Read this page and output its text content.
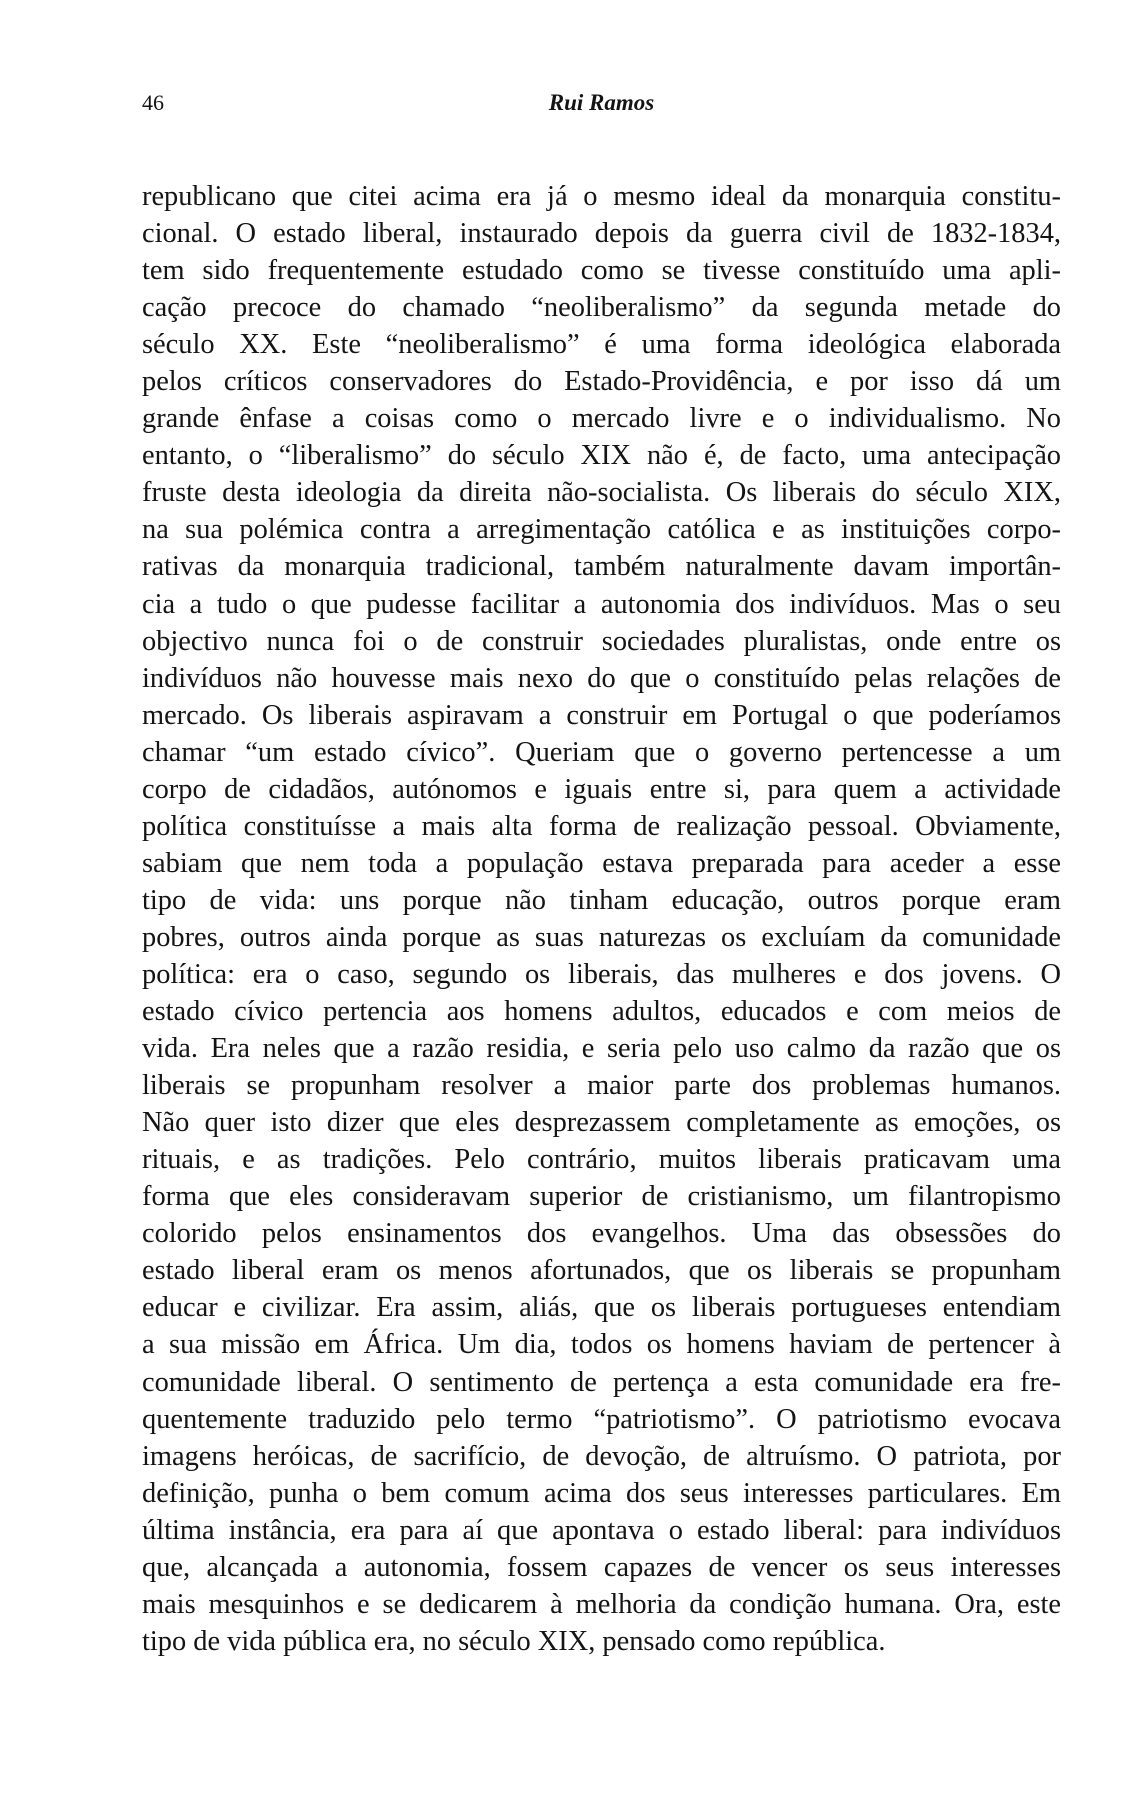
46	Rui Ramos
republicano que citei acima era já o mesmo ideal da monarquia constitu-
cional. O estado liberal, instaurado depois da guerra civil de 1832-1834,
tem sido frequentemente estudado como se tivesse constituído uma apli-
cação precoce do chamado “neoliberalismo” da segunda metade do
século XX. Este “neoliberalismo” é uma forma ideológica elaborada
pelos críticos conservadores do Estado-Providência, e por isso dá um
grande ênfase a coisas como o mercado livre e o individualismo. No
entanto, o “liberalismo” do século XIX não é, de facto, uma antecipação
fruste desta ideologia da direita não-socialista. Os liberais do século XIX,
na sua polémica contra a arregimentação católica e as instituições corpo-
rativas da monarquia tradicional, também naturalmente davam importân-
cia a tudo o que pudesse facilitar a autonomia dos indivíduos. Mas o seu
objectivo nunca foi o de construir sociedades pluralistas, onde entre os
indivíduos não houvesse mais nexo do que o constituído pelas relações de
mercado. Os liberais aspiravam a construir em Portugal o que poderíamos
chamar “um estado cívico”. Queriam que o governo pertencesse a um
corpo de cidadãos, autónomos e iguais entre si, para quem a actividade
política constituísse a mais alta forma de realização pessoal. Obviamente,
sabiam que nem toda a população estava preparada para aceder a esse
tipo de vida: uns porque não tinham educação, outros porque eram
pobres, outros ainda porque as suas naturezas os excluíam da comunidade
política: era o caso, segundo os liberais, das mulheres e dos jovens. O
estado cívico pertencia aos homens adultos, educados e com meios de
vida. Era neles que a razão residia, e seria pelo uso calmo da razão que os
liberais se propunham resolver a maior parte dos problemas humanos.
Não quer isto dizer que eles desprezassem completamente as emoções, os
rituais, e as tradições. Pelo contrário, muitos liberais praticavam uma
forma que eles consideravam superior de cristianismo, um filantropismo
colorido pelos ensinamentos dos evangelhos. Uma das obsessões do
estado liberal eram os menos afortunados, que os liberais se propunham
educar e civilizar. Era assim, aliás, que os liberais portugueses entendiam
a sua missão em África. Um dia, todos os homens haviam de pertencer à
comunidade liberal. O sentimento de pertença a esta comunidade era fre-
quentemente traduzido pelo termo “patriotismo”. O patriotismo evocava
imagens heróicas, de sacrifício, de devoção, de altruísmo. O patriota, por
definição, punha o bem comum acima dos seus interesses particulares. Em
última instância, era para aí que apontava o estado liberal: para indivíduos
que, alcançada a autonomia, fossem capazes de vencer os seus interesses
mais mesquinhos e se dedicarem à melhoria da condição humana. Ora, este
tipo de vida pública era, no século XIX, pensado como república.
